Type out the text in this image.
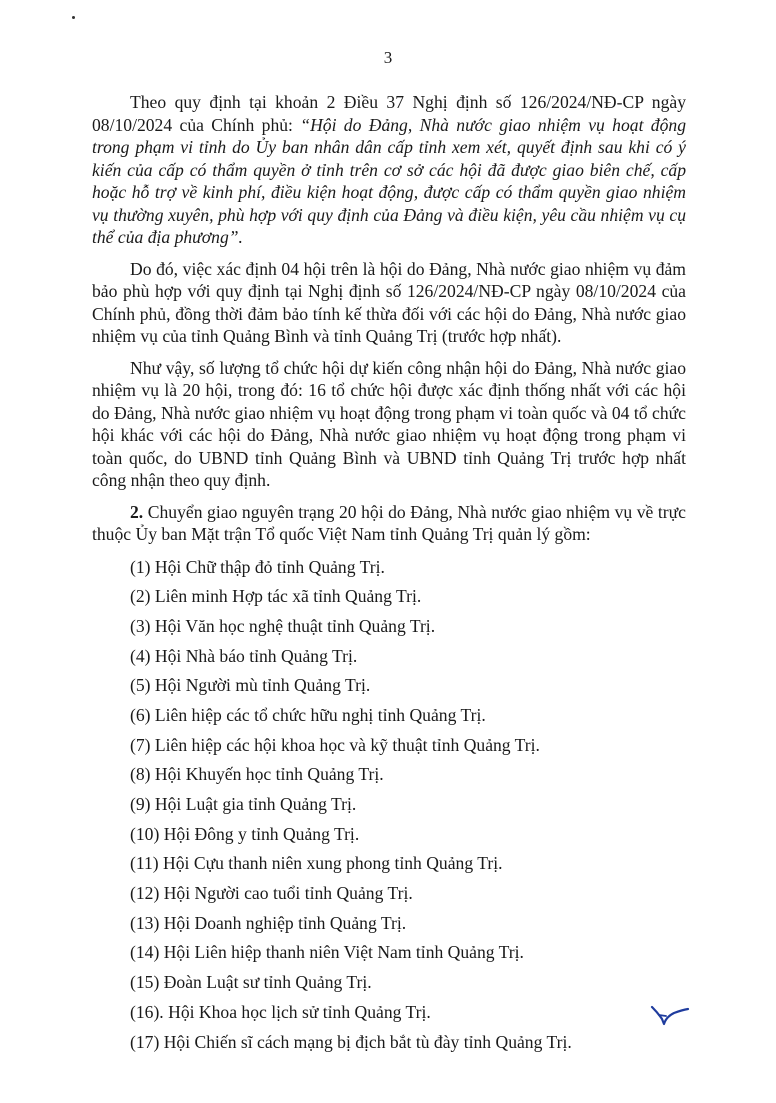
3

Theo quy định tại khoản 2 Điều 37 Nghị định số 126/2024/NĐ-CP ngày 08/10/2024 của Chính phủ: “Hội do Đảng, Nhà nước giao nhiệm vụ hoạt động trong phạm vi tỉnh do Ủy ban nhân dân cấp tỉnh xem xét, quyết định sau khi có ý kiến của cấp có thẩm quyền ở tỉnh trên cơ sở các hội đã được giao biên chế, cấp hoặc hỗ trợ về kinh phí, điều kiện hoạt động, được cấp có thẩm quyền giao nhiệm vụ thường xuyên, phù hợp với quy định của Đảng và điều kiện, yêu cầu nhiệm vụ cụ thể của địa phương”.

Do đó, việc xác định 04 hội trên là hội do Đảng, Nhà nước giao nhiệm vụ đảm bảo phù hợp với quy định tại Nghị định số 126/2024/NĐ-CP ngày 08/10/2024 của Chính phủ, đồng thời đảm bảo tính kế thừa đối với các hội do Đảng, Nhà nước giao nhiệm vụ của tỉnh Quảng Bình và tỉnh Quảng Trị (trước hợp nhất).

Như vậy, số lượng tổ chức hội dự kiến công nhận hội do Đảng, Nhà nước giao nhiệm vụ là 20 hội, trong đó: 16 tổ chức hội được xác định thống nhất với các hội do Đảng, Nhà nước giao nhiệm vụ hoạt động trong phạm vi toàn quốc và 04 tổ chức hội khác với các hội do Đảng, Nhà nước giao nhiệm vụ hoạt động trong phạm vi toàn quốc, do UBND tỉnh Quảng Bình và UBND tỉnh Quảng Trị trước hợp nhất công nhận theo quy định.

2. Chuyển giao nguyên trạng 20 hội do Đảng, Nhà nước giao nhiệm vụ về trực thuộc Ủy ban Mặt trận Tổ quốc Việt Nam tỉnh Quảng Trị quản lý gồm:

(1) Hội Chữ thập đỏ tỉnh Quảng Trị.
(2) Liên minh Hợp tác xã tỉnh Quảng Trị.
(3) Hội Văn học nghệ thuật tỉnh Quảng Trị.
(4) Hội Nhà báo tỉnh Quảng Trị.
(5) Hội Người mù tỉnh Quảng Trị.
(6) Liên hiệp các tổ chức hữu nghị tỉnh Quảng Trị.
(7) Liên hiệp các hội khoa học và kỹ thuật tỉnh Quảng Trị.
(8) Hội Khuyến học tỉnh Quảng Trị.
(9) Hội Luật gia tỉnh Quảng Trị.
(10) Hội Đông y tỉnh Quảng Trị.
(11) Hội Cựu thanh niên xung phong tỉnh Quảng Trị.
(12) Hội Người cao tuổi tỉnh Quảng Trị.
(13) Hội Doanh nghiệp tỉnh Quảng Trị.
(14) Hội Liên hiệp thanh niên Việt Nam tỉnh Quảng Trị.
(15) Đoàn Luật sư tỉnh Quảng Trị.
(16). Hội Khoa học lịch sử tỉnh Quảng Trị.
(17) Hội Chiến sĩ cách mạng bị địch bắt tù đày tỉnh Quảng Trị.
